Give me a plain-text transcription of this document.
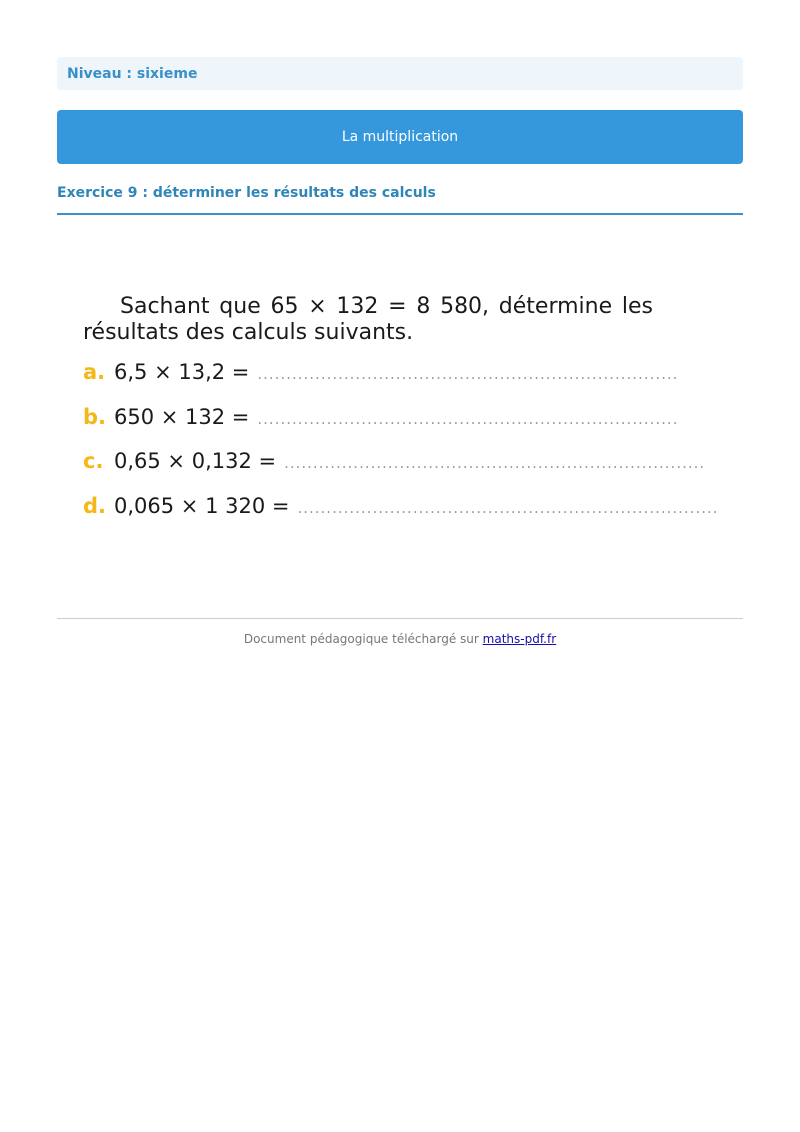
Niveau : sixieme
La multiplication
Exercice 9 : déterminer les résultats des calculs

Sachant que 65 × 132 = 8 580, détermine les résultats des calculs suivants.

a. 6,5 × 13,2 = .........................................................................
b. 650 × 132 = .........................................................................
c. 0,65 × 0,132 = .........................................................................
d. 0,065 × 1 320 = .........................................................................
Document pédagogique téléchargé sur maths-pdf.fr
